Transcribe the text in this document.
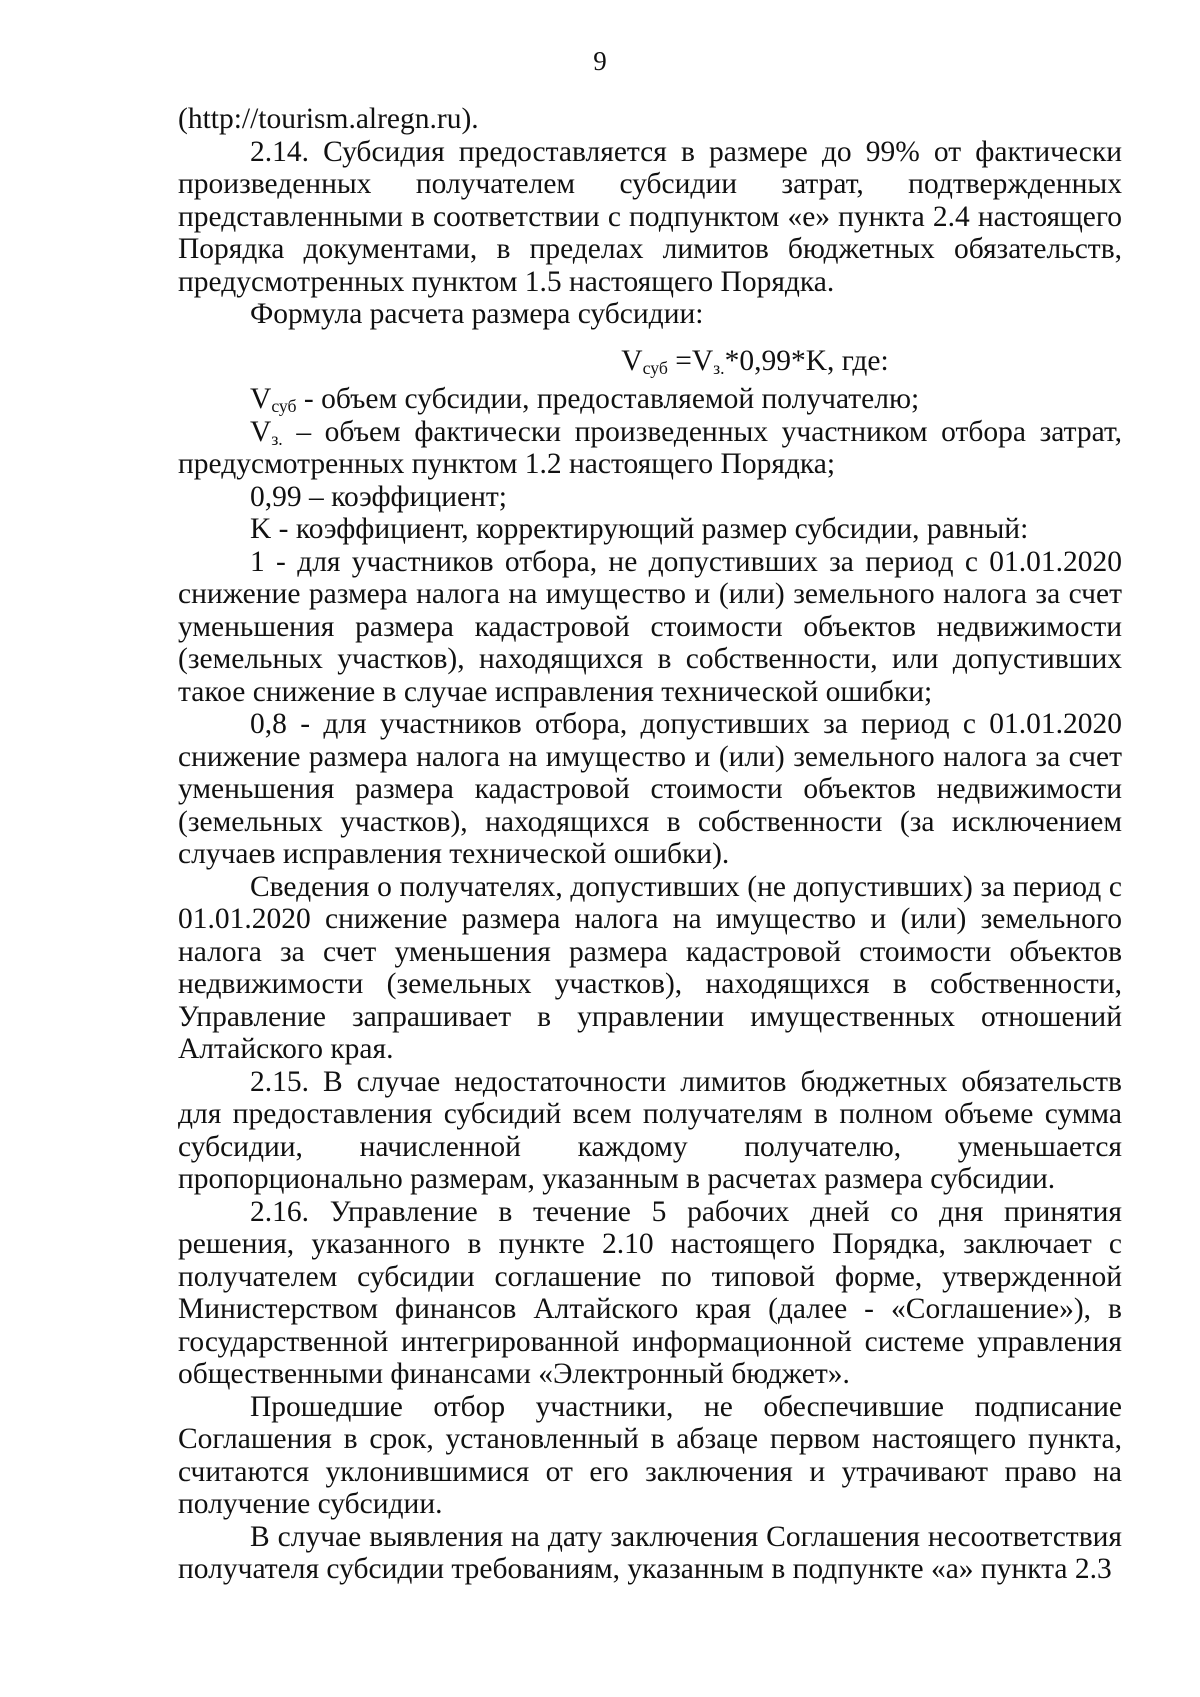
9

(http://tourism.alregn.ru).

2.14. Субсидия предоставляется в размере до 99% от фактически произведенных получателем субсидии затрат, подтвержденных представленными в соответствии с подпунктом «е» пункта 2.4 настоящего Порядка документами, в пределах лимитов бюджетных обязательств, предусмотренных пунктом 1.5 настоящего Порядка.

Формула расчета размера субсидии:

$V_{суб} =V_{з.}*0,99*K$, где:

$V_{суб}$ - объем субсидии, предоставляемой получателю;

$V_{з.}$ – объем фактически произведенных участником отбора затрат, предусмотренных пунктом 1.2 настоящего Порядка;

0,99 – коэффициент;

K - коэффициент, корректирующий размер субсидии, равный:

1 - для участников отбора, не допустивших за период с 01.01.2020 снижение размера налога на имущество и (или) земельного налога за счет уменьшения размера кадастровой стоимости объектов недвижимости (земельных участков), находящихся в собственности, или допустивших такое снижение в случае исправления технической ошибки;

0,8 - для участников отбора, допустивших за период с 01.01.2020 снижение размера налога на имущество и (или) земельного налога за счет уменьшения размера кадастровой стоимости объектов недвижимости (земельных участков), находящихся в собственности (за исключением случаев исправления технической ошибки).

Сведения о получателях, допустивших (не допустивших) за период с 01.01.2020 снижение размера налога на имущество и (или) земельного налога за счет уменьшения размера кадастровой стоимости объектов недвижимости (земельных участков), находящихся в собственности, Управление запрашивает в управлении имущественных отношений Алтайского края.

2.15. В случае недостаточности лимитов бюджетных обязательств для предоставления субсидий всем получателям в полном объеме сумма субсидии, начисленной каждому получателю, уменьшается пропорционально размерам, указанным в расчетах размера субсидии.

2.16. Управление в течение 5 рабочих дней со дня принятия решения, указанного в пункте 2.10 настоящего Порядка, заключает с получателем субсидии соглашение по типовой форме, утвержденной Министерством финансов Алтайского края (далее - «Соглашение»), в государственной интегрированной информационной системе управления общественными финансами «Электронный бюджет».

Прошедшие отбор участники, не обеспечившие подписание Соглашения в срок, установленный в абзаце первом настоящего пункта, считаются уклонившимися от его заключения и утрачивают право на получение субсидии.

В случае выявления на дату заключения Соглашения несоответствия получателя субсидии требованиям, указанным в подпункте «а» пункта 2.3
